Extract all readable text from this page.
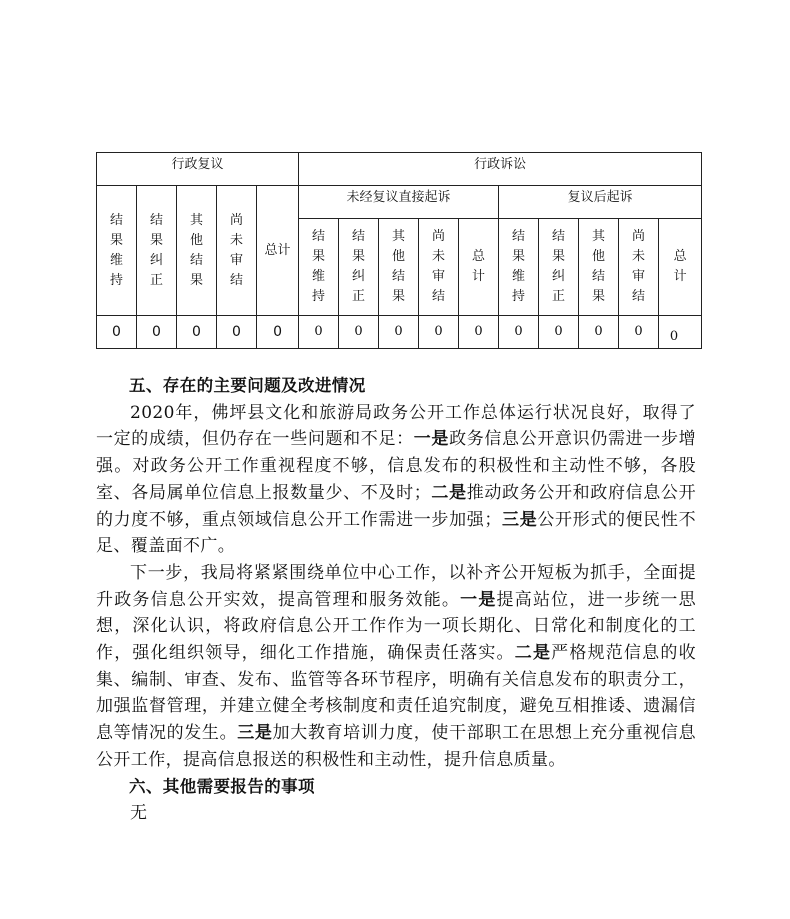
行政复议					行政诉讼									
结果维持	结果纠正	其他结果	尚未审结	总计	未经复议直接起诉					复议后起诉				
					结果维持	结果纠正	其他结果	尚未审结	总计	结果维持	结果纠正	其他结果	尚未审结	总计
0	0	0	0	0	0	0	0	0	0	0	0	0	0	0

五、存在的主要问题及改进情况

2020年，佛坪县文化和旅游局政务公开工作总体运行状况良好，取得了一定的成绩，但仍存在一些问题和不足：一是政务信息公开意识仍需进一步增强。对政务公开工作重视程度不够，信息发布的积极性和主动性不够，各股室、各局属单位信息上报数量少、不及时；二是推动政务公开和政府信息公开的力度不够，重点领域信息公开工作需进一步加强；三是公开形式的便民性不足、覆盖面不广。

下一步，我局将紧紧围绕单位中心工作，以补齐公开短板为抓手，全面提升政务信息公开实效，提高管理和服务效能。一是提高站位，进一步统一思想，深化认识，将政府信息公开工作作为一项长期化、日常化和制度化的工作，强化组织领导，细化工作措施，确保责任落实。二是严格规范信息的收集、编制、审查、发布、监管等各环节程序，明确有关信息发布的职责分工，加强监督管理，并建立健全考核制度和责任追究制度，避免互相推诿、遗漏信息等情况的发生。三是加大教育培训力度，使干部职工在思想上充分重视信息公开工作，提高信息报送的积极性和主动性，提升信息质量。

六、其他需要报告的事项

无
